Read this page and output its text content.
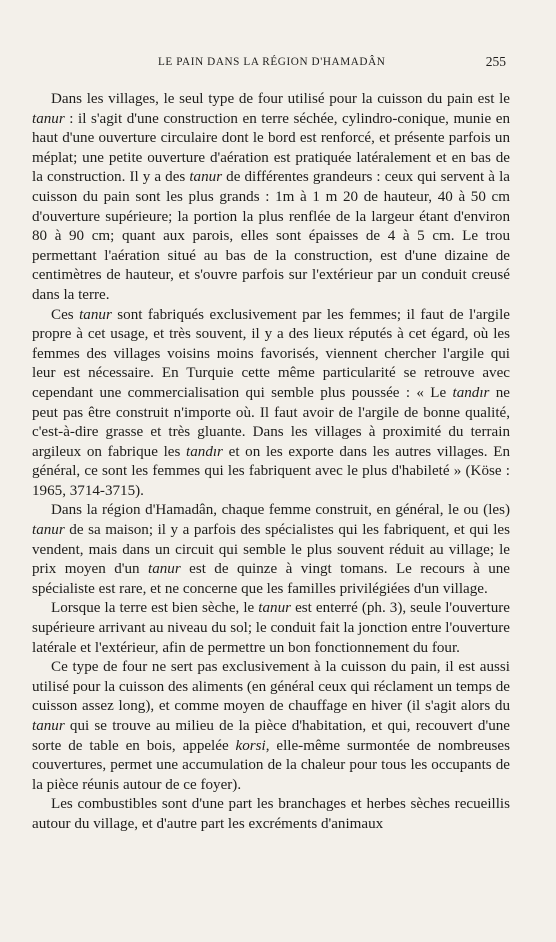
LE PAIN DANS LA RÉGION D'HAMADÂN	255

Dans les villages, le seul type de four utilisé pour la cuisson du pain est le tanur : il s'agit d'une construction en terre séchée, cylindro-conique, munie en haut d'une ouverture circulaire dont le bord est renforcé, et présente parfois un méplat; une petite ouverture d'aération est pratiquée latéralement et en bas de la construction. Il y a des tanur de différentes grandeurs : ceux qui servent à la cuisson du pain sont les plus grands : 1m à 1 m 20 de hauteur, 40 à 50 cm d'ouverture supérieure; la portion la plus renflée de la largeur étant d'environ 80 à 90 cm; quant aux parois, elles sont épaisses de 4 à 5 cm. Le trou permettant l'aération situé au bas de la construction, est d'une dizaine de centimètres de hauteur, et s'ouvre parfois sur l'extérieur par un conduit creusé dans la terre.

Ces tanur sont fabriqués exclusivement par les femmes; il faut de l'argile propre à cet usage, et très souvent, il y a des lieux réputés à cet égard, où les femmes des villages voisins moins favorisés, viennent chercher l'argile qui leur est nécessaire. En Turquie cette même particularité se retrouve avec cependant une commercialisation qui semble plus poussée : « Le tandır ne peut pas être construit n'importe où. Il faut avoir de l'argile de bonne qualité, c'est-à-dire grasse et très gluante. Dans les villages à proximité du terrain argileux on fabrique les tandır et on les exporte dans les autres villages. En général, ce sont les femmes qui les fabriquent avec le plus d'habileté » (Köse : 1965, 3714-3715).

Dans la région d'Hamadân, chaque femme construit, en général, le ou (les) tanur de sa maison; il y a parfois des spécialistes qui les fabriquent, et qui les vendent, mais dans un circuit qui semble le plus souvent réduit au village; le prix moyen d'un tanur est de quinze à vingt tomans. Le recours à une spécialiste est rare, et ne concerne que les familles privilégiées d'un village.

Lorsque la terre est bien sèche, le tanur est enterré (ph. 3), seule l'ouverture supérieure arrivant au niveau du sol; le conduit fait la jonction entre l'ouverture latérale et l'extérieur, afin de permettre un bon fonctionnement du four.

Ce type de four ne sert pas exclusivement à la cuisson du pain, il est aussi utilisé pour la cuisson des aliments (en général ceux qui réclament un temps de cuisson assez long), et comme moyen de chauffage en hiver (il s'agit alors du tanur qui se trouve au milieu de la pièce d'habitation, et qui, recouvert d'une sorte de table en bois, appelée korsi, elle-même surmontée de nombreuses couvertures, permet une accumulation de la chaleur pour tous les occupants de la pièce réunis autour de ce foyer).

Les combustibles sont d'une part les branchages et herbes sèches recueillis autour du village, et d'autre part les excréments d'animaux
